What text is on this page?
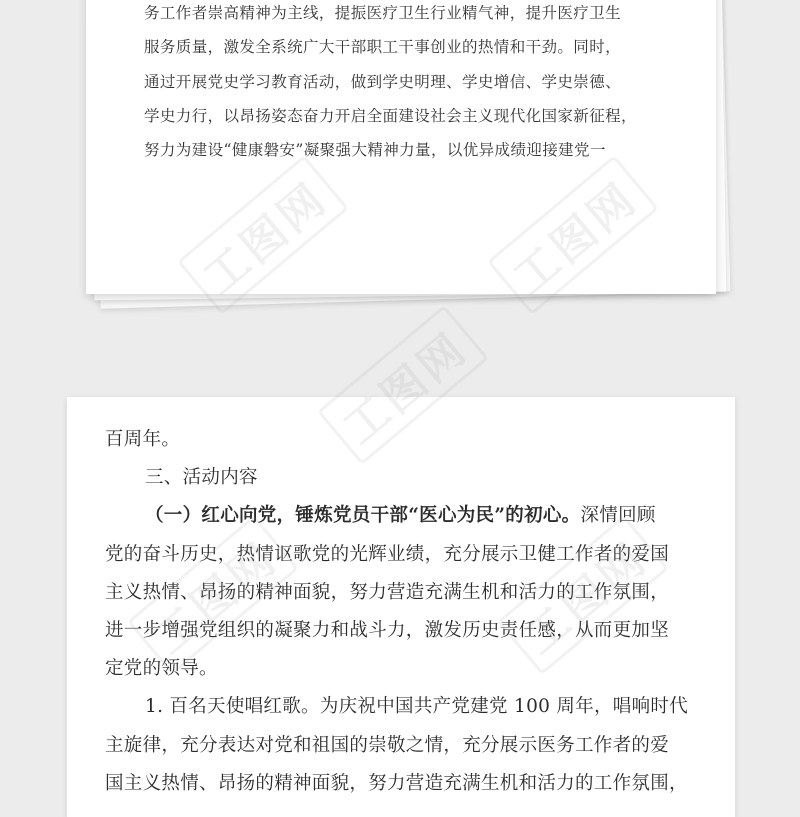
务工作者崇高精神为主线，提振医疗卫生行业精气神，提升医疗卫生
服务质量，激发全系统广大干部职工干事创业的热情和干劲。同时，
通过开展党史学习教育活动，做到学史明理、学史增信、学史崇德、
学史力行，以昂扬姿态奋力开启全面建设社会主义现代化国家新征程，
努力为建设“健康磐安”凝聚强大精神力量，以优异成绩迎接建党一
百周年。
三、活动内容
（一）红心向党，锤炼党员干部“医心为民”的初心。深情回顾
党的奋斗历史，热情讴歌党的光辉业绩，充分展示卫健工作者的爱国
主义热情、昂扬的精神面貌，努力营造充满生机和活力的工作氛围，
进一步增强党组织的凝聚力和战斗力，激发历史责任感，从而更加坚
定党的领导。
1. 百名天使唱红歌。为庆祝中国共产党建党 100 周年，唱响时代
主旋律，充分表达对党和祖国的崇敬之情，充分展示医务工作者的爱
国主义热情、昂扬的精神面貌，努力营造充满生机和活力的工作氛围，
工图网
